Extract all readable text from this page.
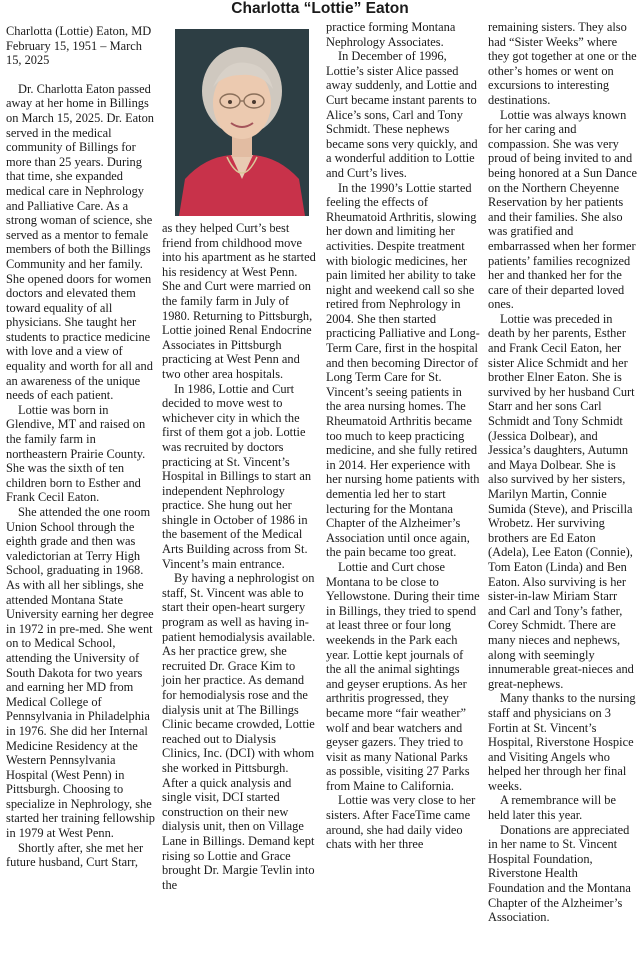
Charlotta “Lottie” Eaton

Charlotta (Lottie) Eaton, MD

February 15, 1951 – March 15, 2025

Dr. Charlotta Eaton passed away at her home in Billings on March 15, 2025. Dr. Eaton served in the medical community of Billings for more than 25 years. During that time, she expanded medical care in Nephrology and Palliative Care. As a strong woman of science, she served as a mentor to female members of both the Billings Community and her family. She opened doors for women doctors and elevated them toward equality of all physicians. She taught her students to practice medicine with love and a view of equality and worth for all and an awareness of the unique needs of each patient.

Lottie was born in Glendive, MT and raised on the family farm in northeastern Prairie County. She was the sixth of ten children born to Esther and Frank Cecil Eaton.

She attended the one room Union School through the eighth grade and then was valedictorian at Terry High School, graduating in 1968. As with all her siblings, she attended Montana State University earning her degree in 1972 in pre-med. She went on to Medical School, attending the University of South Dakota for two years and earning her MD from Medical College of Pennsylvania in Philadelphia in 1976. She did her Internal Medicine Residency at the Western Pennsylvania Hospital (West Penn) in Pittsburgh. Choosing to specialize in Nephrology, she started her training fellowship in 1979 at West Penn.

Shortly after, she met her future husband, Curt Starr,

as they helped Curt’s best friend from childhood move into his apartment as he started his residency at West Penn. She and Curt were married on the family farm in July of 1980. Returning to Pittsburgh, Lottie joined Renal Endocrine Associates in Pittsburgh practicing at West Penn and two other area hospitals.

In 1986, Lottie and Curt decided to move west to whichever city in which the first of them got a job. Lottie was recruited by doctors practicing at St. Vincent’s Hospital in Billings to start an independent Nephrology practice. She hung out her shingle in October of 1986 in the basement of the Medical Arts Building across from St. Vincent’s main entrance.

By having a nephrologist on staff, St. Vincent was able to start their open-heart surgery program as well as having in-patient hemodialysis available. As her practice grew, she recruited Dr. Grace Kim to join her practice. As demand for hemodialysis rose and the dialysis unit at The Billings Clinic became crowded, Lottie reached out to Dialysis Clinics, Inc. (DCI) with whom she worked in Pittsburgh. After a quick analysis and single visit, DCI started construction on their new dialysis unit, then on Village Lane in Billings. Demand kept rising so Lottie and Grace brought Dr. Margie Tevlin into the

practice forming Montana Nephrology Associates.

In December of 1996, Lottie’s sister Alice passed away suddenly, and Lottie and Curt became instant parents to Alice’s sons, Carl and Tony Schmidt. These nephews became sons very quickly, and a wonderful addition to Lottie and Curt’s lives.

In the 1990’s Lottie started feeling the effects of Rheumatoid Arthritis, slowing her down and limiting her activities. Despite treatment with biologic medicines, her pain limited her ability to take night and weekend call so she retired from Nephrology in 2004. She then started practicing Palliative and Long-Term Care, first in the hospital and then becoming Director of Long Term Care for St. Vincent’s seeing patients in the area nursing homes. The Rheumatoid Arthritis became too much to keep practicing medicine, and she fully retired in 2014. Her experience with her nursing home patients with dementia led her to start lecturing for the Montana Chapter of the Alzheimer’s Association until once again, the pain became too great.

Lottie and Curt chose Montana to be close to Yellowstone. During their time in Billings, they tried to spend at least three or four long weekends in the Park each year. Lottie kept journals of the all the animal sightings and geyser eruptions. As her arthritis progressed, they became more “fair weather” wolf and bear watchers and geyser gazers. They tried to visit as many National Parks as possible, visiting 27 Parks from Maine to California.

Lottie was very close to her sisters. After FaceTime came around, she had daily video chats with her three

remaining sisters. They also had “Sister Weeks” where they got together at one or the other’s homes or went on excursions to interesting destinations.

Lottie was always known for her caring and compassion. She was very proud of being invited to and being honored at a Sun Dance on the Northern Cheyenne Reservation by her patients and their families. She also was gratified and embarrassed when her former patients’ families recognized her and thanked her for the care of their departed loved ones.

Lottie was preceded in death by her parents, Esther and Frank Cecil Eaton, her sister Alice Schmidt and her brother Elner Eaton. She is survived by her husband Curt Starr and her sons Carl Schmidt and Tony Schmidt (Jessica Dolbear), and Jessica’s daughters, Autumn and Maya Dolbear. She is also survived by her sisters, Marilyn Martin, Connie Sumida (Steve), and Priscilla Wrobetz. Her surviving brothers are Ed Eaton (Adela), Lee Eaton (Connie), Tom Eaton (Linda) and Ben Eaton. Also surviving is her sister-in-law Miriam Starr and Carl and Tony’s father, Corey Schmidt. There are many nieces and nephews, along with seemingly innumerable great-nieces and great-nephews.

Many thanks to the nursing staff and physicians on 3 Fortin at St. Vincent’s Hospital, Riverstone Hospice and Visiting Angels who helped her through her final weeks.

A remembrance will be held later this year.

Donations are appreciated in her name to St. Vincent Hospital Foundation, Riverstone Health Foundation and the Montana Chapter of the Alzheimer’s Association.
